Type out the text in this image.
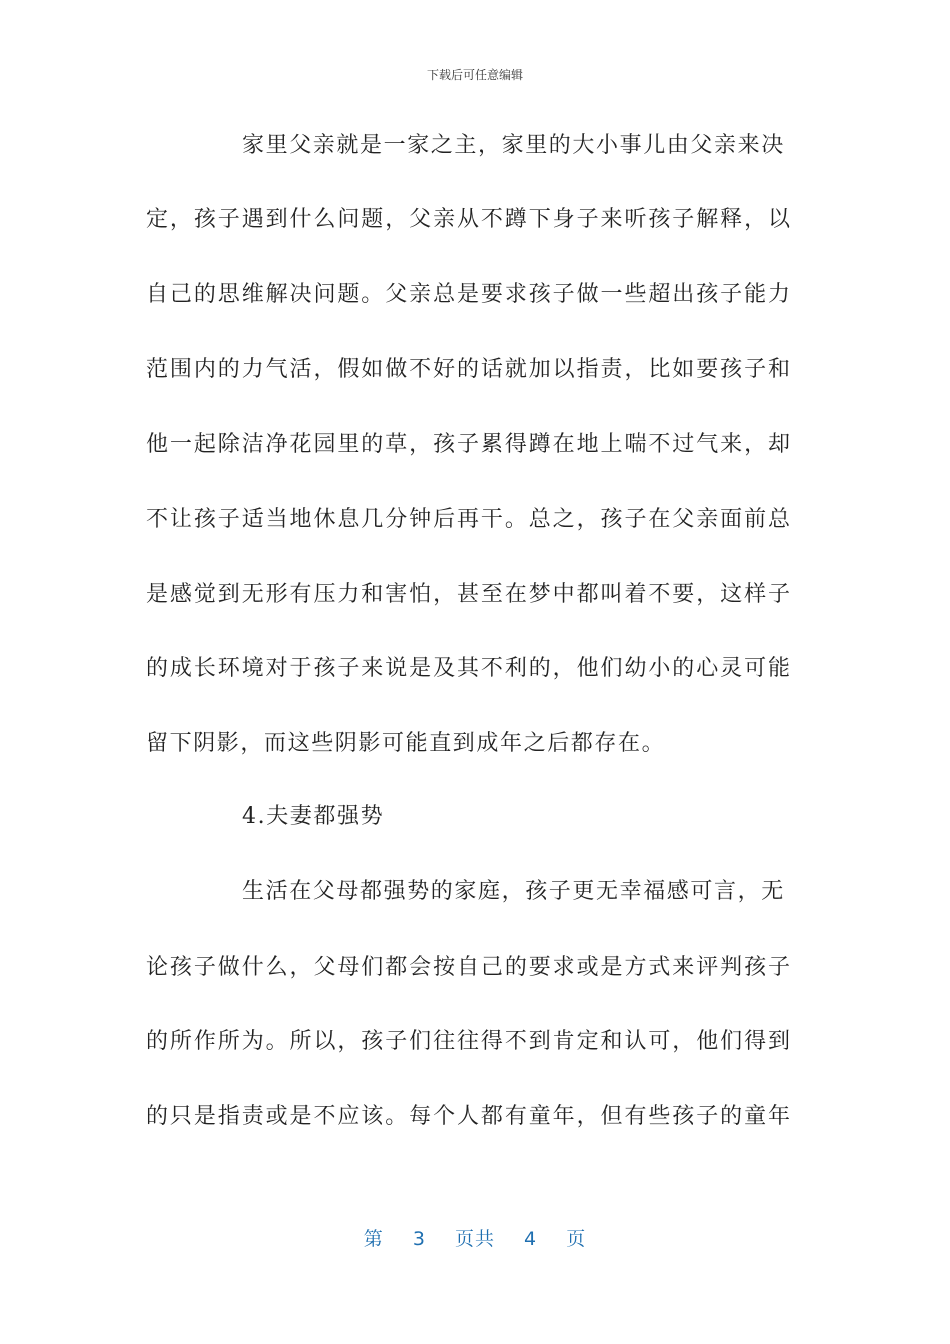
下载后可任意编辑
家里父亲就是一家之主，家里的大小事儿由父亲来决
定，孩子遇到什么问题，父亲从不蹲下身子来听孩子解释，以
自己的思维解决问题。父亲总是要求孩子做一些超出孩子能力
范围内的力气活，假如做不好的话就加以指责，比如要孩子和
他一起除洁净花园里的草，孩子累得蹲在地上喘不过气来，却
不让孩子适当地休息几分钟后再干。总之，孩子在父亲面前总
是感觉到无形有压力和害怕，甚至在梦中都叫着不要，这样子
的成长环境对于孩子来说是及其不利的，他们幼小的心灵可能
留下阴影，而这些阴影可能直到成年之后都存在。
4.夫妻都强势
生活在父母都强势的家庭，孩子更无幸福感可言，无
论孩子做什么，父母们都会按自己的要求或是方式来评判孩子
的所作所为。所以，孩子们往往得不到肯定和认可，他们得到
的只是指责或是不应该。每个人都有童年，但有些孩子的童年
第 3 页共 4 页
